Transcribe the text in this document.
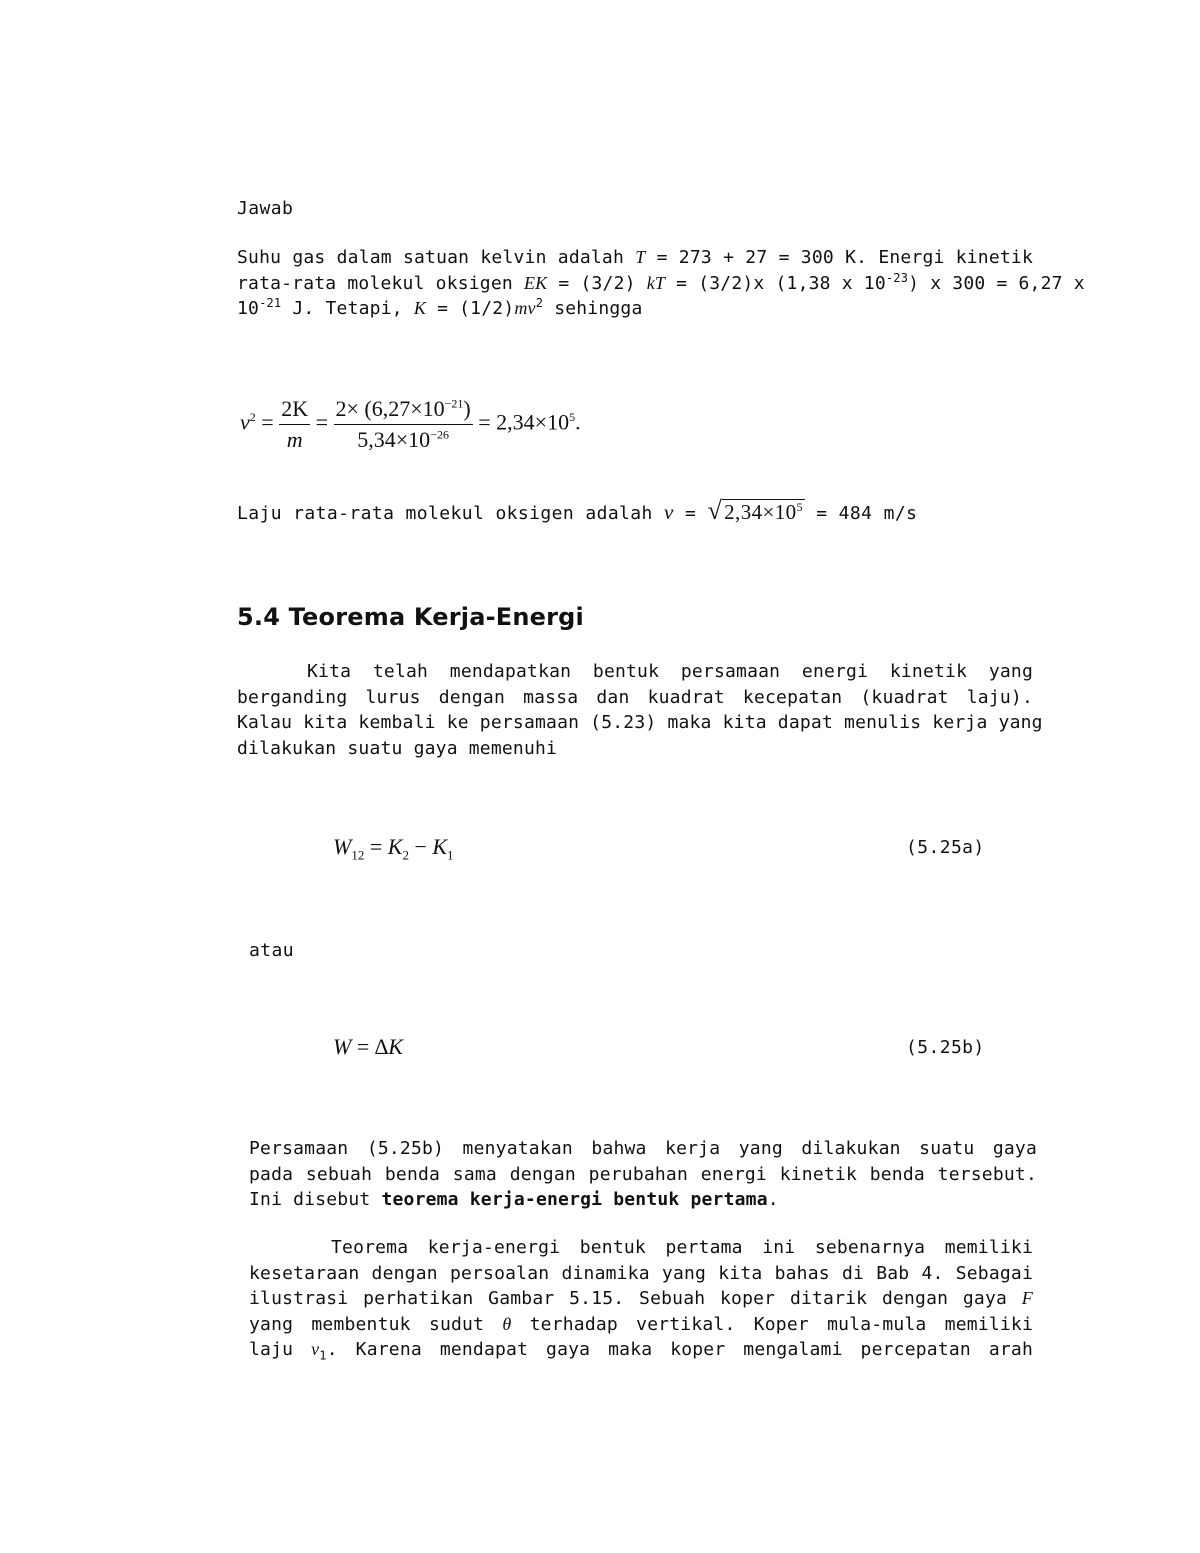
Jawab
Suhu gas dalam satuan kelvin adalah T = 273 + 27 = 300 K. Energi kinetik
rata-rata molekul oksigen EK = (3/2) kT = (3/2)x (1,38 x $10^{-23}$) x 300 = 6,27 x
$10^{-21}$ J. Tetapi, $K = (1/2)mv^2$ sehingga
$v^2 = \frac{2K}{m} = \frac{2\times (6,27\times 10^{-21})}{5,34\times 10^{-26}} = 2,34\times 10^5$.
Laju rata-rata molekul oksigen adalah $v = √2,34\times 10^5 = 484$ m/s
5.4 Teorema Kerja-Energi
Kita telah mendapatkan bentuk persamaan energi kinetik yang
berganding lurus dengan massa dan kuadrat kecepatan (kuadrat laju).
Kalau kita kembali ke persamaan (5.23) maka kita dapat menulis kerja yang
dilakukan suatu gaya memenuhi
$W_{12} = K_2 - K_1$	(5.25a)
atau
W = ∆K	(5.25b)
Persamaan (5.25b) menyatakan bahwa kerja yang dilakukan suatu gaya
pada sebuah benda sama dengan perubahan energi kinetik benda tersebut.
Ini disebut teorema kerja-energi bentuk pertama.
Teorema kerja-energi bentuk pertama ini sebenarnya memiliki
kesetaraan dengan persoalan dinamika yang kita bahas di Bab 4. Sebagai
ilustrasi perhatikan Gambar 5.15. Sebuah koper ditarik dengan gaya F
yang membentuk sudut θ terhadap vertikal. Koper mula-mula memiliki
laju $v_1$. Karena mendapat gaya maka koper mengalami percepatan arah
